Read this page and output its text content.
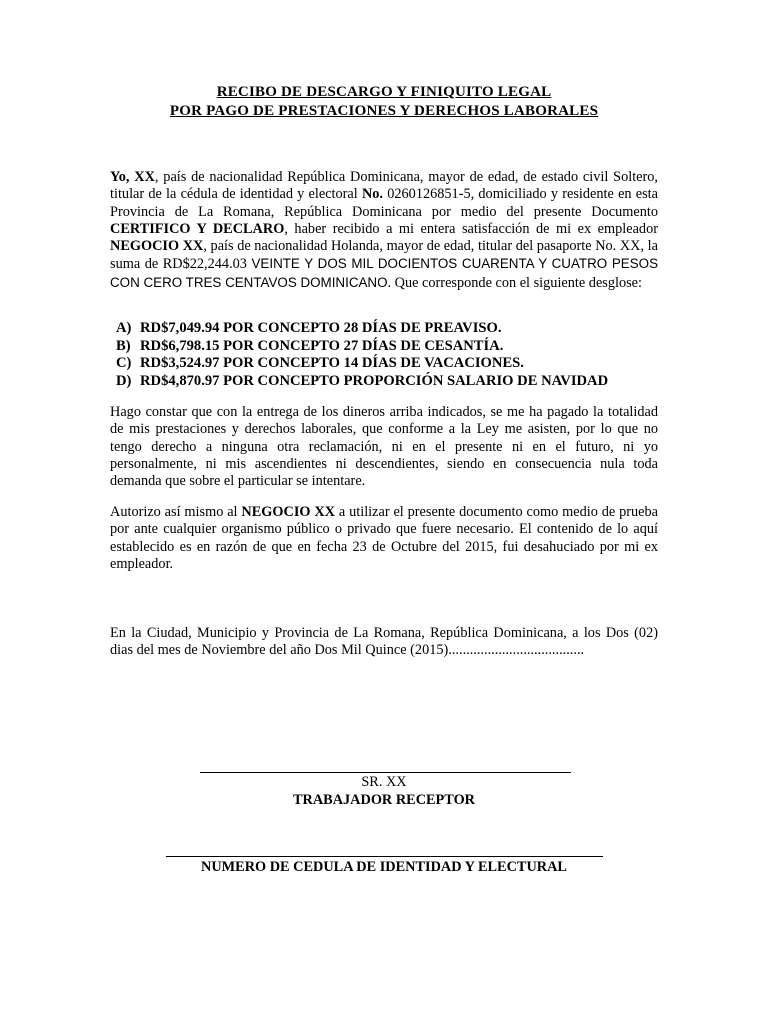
RECIBO DE DESCARGO Y FINIQUITO LEGAL
POR PAGO DE PRESTACIONES Y DERECHOS LABORALES
Yo, XX, país de nacionalidad República Dominicana, mayor de edad, de estado civil Soltero, titular de la cédula de identidad y electoral No. 0260126851-5, domiciliado y residente en esta Provincia de La Romana, República Dominicana por medio del presente Documento CERTIFICO Y DECLARO, haber recibido a mi entera satisfacción de mi ex empleador NEGOCIO XX, país de nacionalidad Holanda, mayor de edad, titular del pasaporte No. XX, la suma de RD$22,244.03 VEINTE Y DOS MIL DOCIENTOS CUARENTA Y CUATRO PESOS CON CERO TRES CENTAVOS DOMINICANO. Que corresponde con el siguiente desglose:
A) RD$7,049.94 POR CONCEPTO 28 DÍAS DE PREAVISO.
B) RD$6,798.15 POR CONCEPTO 27 DÍAS DE CESANTÍA.
C) RD$3,524.97 POR CONCEPTO 14 DÍAS DE VACACIONES.
D) RD$4,870.97 POR CONCEPTO PROPORCIÓN SALARIO DE NAVIDAD
Hago constar que con la entrega de los dineros arriba indicados, se me ha pagado la totalidad de mis prestaciones y derechos laborales, que conforme a la Ley me asisten, por lo que no tengo derecho a ninguna otra reclamación, ni en el presente ni en el futuro, ni yo personalmente, ni mis ascendientes ni descendientes, siendo en consecuencia nula toda demanda que sobre el particular se intentare.
Autorizo así mismo al NEGOCIO XX a utilizar el presente documento como medio de prueba por ante cualquier organismo público o privado que fuere necesario. El contenido de lo aquí establecido es en razón de que en fecha 23 de Octubre del 2015, fui desahuciado por mi ex empleador.
En la Ciudad, Municipio y Provincia de La Romana, República Dominicana, a los Dos (02) dias del mes de Noviembre del año Dos Mil Quince (2015)......................................
SR. XX
TRABAJADOR RECEPTOR
NUMERO DE CEDULA DE IDENTIDAD Y ELECTURAL
